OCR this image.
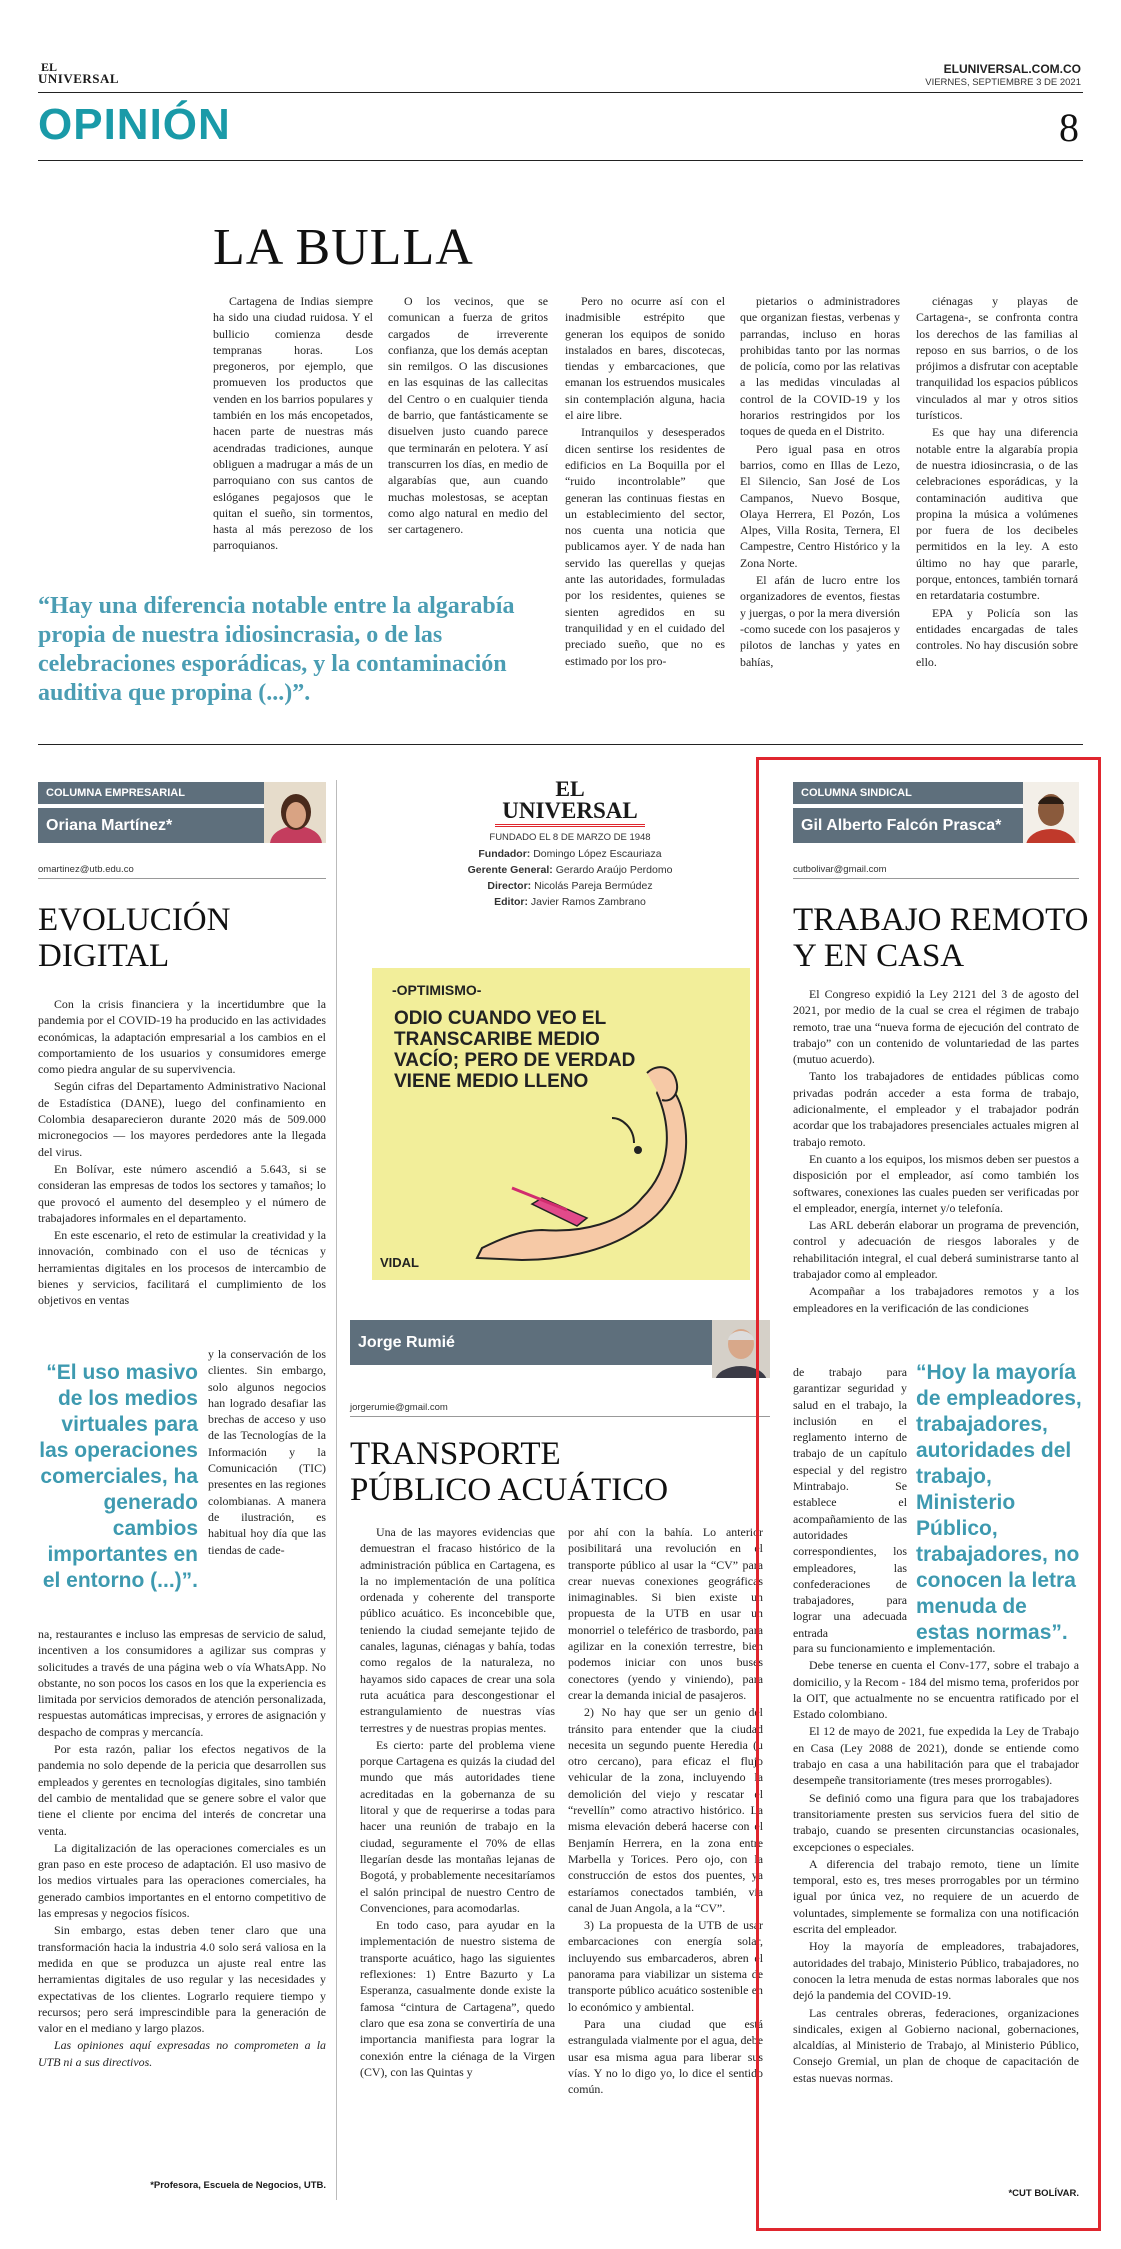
EL
UNIVERSAL
ELUNIVERSAL.COM.CO
VIERNES, SEPTIEMBRE 3 DE 2021
OPINIÓN	8
LA BULLA

Cartagena de Indias siempre ha sido una ciudad ruidosa. Y el bullicio comienza desde tempranas horas. Los pregoneros, por ejemplo, que promueven los productos que venden en los barrios populares y también en los más encopetados, hacen parte de nuestras más acendradas tradiciones, aunque obliguen a madrugar a más de un parroquiano con sus cantos de eslóganes pegajosos que le quitan el sueño, sin tormentos, hasta al más perezoso de los parroquianos.

O los vecinos, que se comunican a fuerza de gritos cargados de irreverente confianza, que los demás aceptan sin remilgos. O las discusiones en las esquinas de las callecitas del Centro o en cualquier tienda de barrio, que fantásticamente se disuelven justo cuando parece que terminarán en pelotera. Y así transcurren los días, en medio de algarabías que, aun cuando muchas molestosas, se aceptan como algo natural en medio del ser cartagenero.

Pero no ocurre así con el inadmisible estrépito que generan los equipos de sonido instalados en bares, discotecas, tiendas y embarcaciones, que emanan los estruendos musicales sin contemplación alguna, hacia el aire libre.

Intranquilos y desesperados dicen sentirse los residentes de edificios en La Boquilla por el “ruido incontrolable” que generan las continuas fiestas en un establecimiento del sector, nos cuenta una noticia que publicamos ayer. Y de nada han servido las querellas y quejas ante las autoridades, formuladas por los residentes, quienes se sienten agredidos en su tranquilidad y en el cuidado del preciado sueño, que no es estimado por los pro-

pietarios o administradores que organizan fiestas, verbenas y parrandas, incluso en horas prohibidas tanto por las normas de policía, como por las relativas a las medidas vinculadas al control de la COVID-19 y los horarios restringidos por los toques de queda en el Distrito.

Pero igual pasa en otros barrios, como en Illas de Lezo, El Silencio, San José de Los Campanos, Nuevo Bosque, Olaya Herrera, El Pozón, Los Alpes, Villa Rosita, Ternera, El Campestre, Centro Histórico y la Zona Norte.

El afán de lucro entre los organizadores de eventos, fiestas y juergas, o por la mera diversión -como sucede con los pasajeros y pilotos de lanchas y yates en bahías,

ciénagas y playas de Cartagena-, se confronta contra los derechos de las familias al reposo en sus barrios, o de los prójimos a disfrutar con aceptable tranquilidad los espacios públicos vinculados al mar y otros sitios turísticos.

Es que hay una diferencia notable entre la algarabía propia de nuestra idiosincrasia, o de las celebraciones esporádicas, y la contaminación auditiva que propina la música a volúmenes por fuera de los decibeles permitidos en la ley. A esto último no hay que pararle, porque, entonces, también tornará en retardataria costumbre.

EPA y Policía son las entidades encargadas de tales controles. No hay discusión sobre ello.

“Hay una diferencia notable entre la algarabía propia de nuestra idiosincrasia, o de las celebraciones esporádicas, y la contaminación auditiva que propina (...)”.
COLUMNA EMPRESARIAL
Oriana Martínez*
omartinez@utb.edu.co
EVOLUCIÓN
DIGITAL

Con la crisis financiera y la incertidumbre que la pandemia por el COVID-19 ha producido en las actividades económicas, la adaptación empresarial a los cambios en el comportamiento de los usuarios y consumidores emerge como piedra angular de su supervivencia.

Según cifras del Departamento Administrativo Nacional de Estadística (DANE), luego del confinamiento en Colombia desaparecieron durante 2020 más de 509.000 micronegocios — los mayores perdedores ante la llegada del virus.

En Bolívar, este número ascendió a 5.643, si se consideran las empresas de todos los sectores y tamaños; lo que provocó el aumento del desempleo y el número de trabajadores informales en el departamento.

En este escenario, el reto de estimular la creatividad y la innovación, combinado con el uso de técnicas y herramientas digitales en los procesos de intercambio de bienes y servicios, facilitará el cumplimiento de los objetivos en ventas

“El uso masivo de los medios virtuales para las operaciones comerciales, ha generado cambios importantes en el entorno (...)”.

y la conservación de los clientes. Sin embargo, solo algunos negocios han logrado desafiar las brechas de acceso y uso de las Tecnologías de la Información y la Comunicación (TIC) presentes en las regiones colombianas. A manera de ilustración, es habitual hoy día que las tiendas de cade-

na, restaurantes e incluso las empresas de servicio de salud, incentiven a los consumidores a agilizar sus compras y solicitudes a través de una página web o vía WhatsApp. No obstante, no son pocos los casos en los que la experiencia es limitada por servicios demorados de atención personalizada, respuestas automáticas imprecisas, y errores de asignación y despacho de compras y mercancía.

Por esta razón, paliar los efectos negativos de la pandemia no solo depende de la pericia que desarrollen sus empleados y gerentes en tecnologías digitales, sino también del cambio de mentalidad que se genere sobre el valor que tiene el cliente por encima del interés de concretar una venta.

La digitalización de las operaciones comerciales es un gran paso en este proceso de adaptación. El uso masivo de los medios virtuales para las operaciones comerciales, ha generado cambios importantes en el entorno competitivo de las empresas y negocios físicos.

Sin embargo, estas deben tener claro que una transformación hacia la industria 4.0 solo será valiosa en la medida en que se produzca un ajuste real entre las herramientas digitales de uso regular y las necesidades y expectativas de los clientes. Lograrlo requiere tiempo y recursos; pero será imprescindible para la generación de valor en el mediano y largo plazos.

Las opiniones aquí expresadas no comprometen a la UTB ni a sus directivos.

*Profesora, Escuela de Negocios, UTB.
EL
UNIVERSAL
FUNDADO EL 8 DE MARZO DE 1948
Fundador: Domingo López Escauriaza
Gerente General: Gerardo Araújo Perdomo
Director: Nicolás Pareja Bermúdez
Editor: Javier Ramos Zambrano
-OPTIMISMO-
ODIO CUANDO VEO EL TRANSCARIBE MEDIO VACÍO; PERO DE VERDAD VIENE MEDIO LLENO
VIDAL
Jorge Rumié
jorgerumie@gmail.com
TRANSPORTE
PÚBLICO ACUÁTICO

Una de las mayores evidencias que demuestran el fracaso histórico de la administración pública en Cartagena, es la no implementación de una política ordenada y coherente del transporte público acuático. Es inconcebible que, teniendo la ciudad semejante tejido de canales, lagunas, ciénagas y bahía, todas como regalos de la naturaleza, no hayamos sido capaces de crear una sola ruta acuática para descongestionar el estrangulamiento de nuestras vías terrestres y de nuestras propias mentes.

Es cierto: parte del problema viene porque Cartagena es quizás la ciudad del mundo que más autoridades tiene acreditadas en la gobernanza de su litoral y que de requerirse a todas para hacer una reunión de trabajo en la ciudad, seguramente el 70% de ellas llegarían desde las montañas lejanas de Bogotá, y probablemente necesitaríamos el salón principal de nuestro Centro de Convenciones, para acomodarlas.

En todo caso, para ayudar en la implementación de nuestro sistema de transporte acuático, hago las siguientes reflexiones: 1) Entre Bazurto y La Esperanza, casualmente donde existe la famosa “cintura de Cartagena”, quedo claro que esa zona se convertiría de una importancia manifiesta para lograr la conexión entre la ciénaga de la Virgen (CV), con las Quintas y

por ahí con la bahía. Lo anterior posibilitará una revolución en el transporte público al usar la “CV” para crear nuevas conexiones geográficas inimaginables. Si bien existe un propuesta de la UTB en usar un monorriel o teleférico de trasbordo, para agilizar en la conexión terrestre, bien podemos iniciar con unos buses conectores (yendo y viniendo), para crear la demanda inicial de pasajeros.

2) No hay que ser un genio del tránsito para entender que la ciudad necesita un segundo puente Heredia (u otro cercano), para eficaz el flujo vehicular de la zona, incluyendo la demolición del viejo y rescatar el “revellín” como atractivo histórico. La misma elevación deberá hacerse con el Benjamín Herrera, en la zona entre Marbella y Torices. Pero ojo, con la construcción de estos dos puentes, ya estaríamos conectados también, vía canal de Juan Angola, a la “CV”.

3) La propuesta de la UTB de usar embarcaciones con energía solar, incluyendo sus embarcaderos, abren el panorama para viabilizar un sistema de transporte público acuático sostenible en lo económico y ambiental.

Para una ciudad que está estrangulada vialmente por el agua, debe usar esa misma agua para liberar sus vías. Y no lo digo yo, lo dice el sentido común.

COLUMNA SINDICAL
Gil Alberto Falcón Prasca*
cutbolivar@gmail.com
TRABAJO REMOTO
Y EN CASA

El Congreso expidió la Ley 2121 del 3 de agosto del 2021, por medio de la cual se crea el régimen de trabajo remoto, trae una “nueva forma de ejecución del contrato de trabajo” con un contenido de voluntariedad de las partes (mutuo acuerdo).

Tanto los trabajadores de entidades públicas como privadas podrán acceder a esta forma de trabajo, adicionalmente, el empleador y el trabajador podrán acordar que los trabajadores presenciales actuales migren al trabajo remoto.

En cuanto a los equipos, los mismos deben ser puestos a disposición por el empleador, así como también los softwares, conexiones las cuales pueden ser verificadas por el empleador, energía, internet y/o telefonía.

Las ARL deberán elaborar un programa de prevención, control y adecuación de riesgos laborales y de rehabilitación integral, el cual deberá suministrarse tanto al trabajador como al empleador.

Acompañar a los trabajadores remotos y a los empleadores en la verificación de las condiciones

de trabajo para garantizar seguridad y salud en el trabajo, la inclusión en el reglamento interno de trabajo de un capítulo especial y del registro Mintrabajo. Se establece el acompañamiento de las autoridades correspondientes, los empleadores, las confederaciones de trabajadores, para lograr una adecuada entrada

“Hoy la mayoría de empleadores, trabajadores, autoridades del trabajo, Ministerio Público, trabajadores, no conocen la letra menuda de estas normas”.

para su funcionamiento e implementación.

Debe tenerse en cuenta el Conv-177, sobre el trabajo a domicilio, y la Recom - 184 del mismo tema, proferidos por la OIT, que actualmente no se encuentra ratificado por el Estado colombiano.

El 12 de mayo de 2021, fue expedida la Ley de Trabajo en Casa (Ley 2088 de 2021), donde se entiende como trabajo en casa a una habilitación para que el trabajador desempeñe transitoriamente (tres meses prorrogables).

Se definió como una figura para que los trabajadores transitoriamente presten sus servicios fuera del sitio de trabajo, cuando se presenten circunstancias ocasionales, excepciones o especiales.

A diferencia del trabajo remoto, tiene un límite temporal, esto es, tres meses prorrogables por un término igual por única vez, no requiere de un acuerdo de voluntades, simplemente se formaliza con una notificación escrita del empleador.

Hoy la mayoría de empleadores, trabajadores, autoridades del trabajo, Ministerio Público, trabajadores, no conocen la letra menuda de estas normas laborales que nos dejó la pandemia del COVID-19.

Las centrales obreras, federaciones, organizaciones sindicales, exigen al Gobierno nacional, gobernaciones, alcaldías, al Ministerio de Trabajo, al Ministerio Público, Consejo Gremial, un plan de choque de capacitación de estas nuevas normas.

*CUT BOLÍVAR.
